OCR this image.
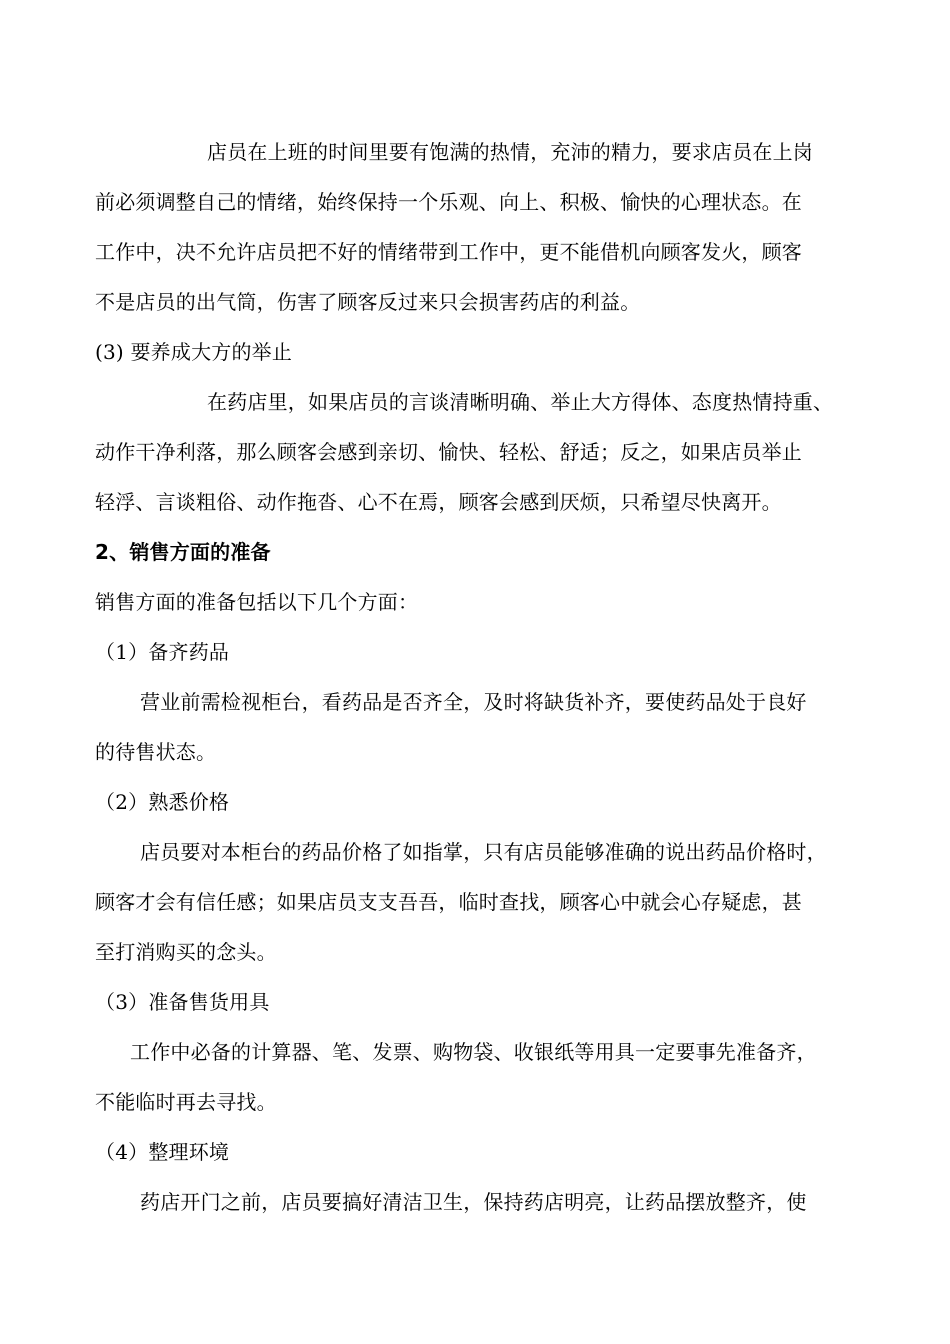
店员在上班的时间里要有饱满的热情，充沛的精力，要求店员在上岗
前必须调整自己的情绪，始终保持一个乐观、向上、积极、愉快的心理状态。在
工作中，决不允许店员把不好的情绪带到工作中，更不能借机向顾客发火，顾客
不是店员的出气筒，伤害了顾客反过来只会损害药店的利益。
(3) 要养成大方的举止
在药店里，如果店员的言谈清晰明确、举止大方得体、态度热情持重、
动作干净利落，那么顾客会感到亲切、愉快、轻松、舒适；反之，如果店员举止
轻浮、言谈粗俗、动作拖沓、心不在焉，顾客会感到厌烦，只希望尽快离开。
2、销售方面的准备
销售方面的准备包括以下几个方面：
（1）备齐药品
营业前需检视柜台，看药品是否齐全，及时将缺货补齐，要使药品处于良好
的待售状态。
（2）熟悉价格
店员要对本柜台的药品价格了如指掌，只有店员能够准确的说出药品价格时，
顾客才会有信任感；如果店员支支吾吾，临时查找，顾客心中就会心存疑虑，甚
至打消购买的念头。
（3）准备售货用具
工作中必备的计算器、笔、发票、购物袋、收银纸等用具一定要事先准备齐，
不能临时再去寻找。
（4）整理环境
药店开门之前，店员要搞好清洁卫生，保持药店明亮，让药品摆放整齐，使
